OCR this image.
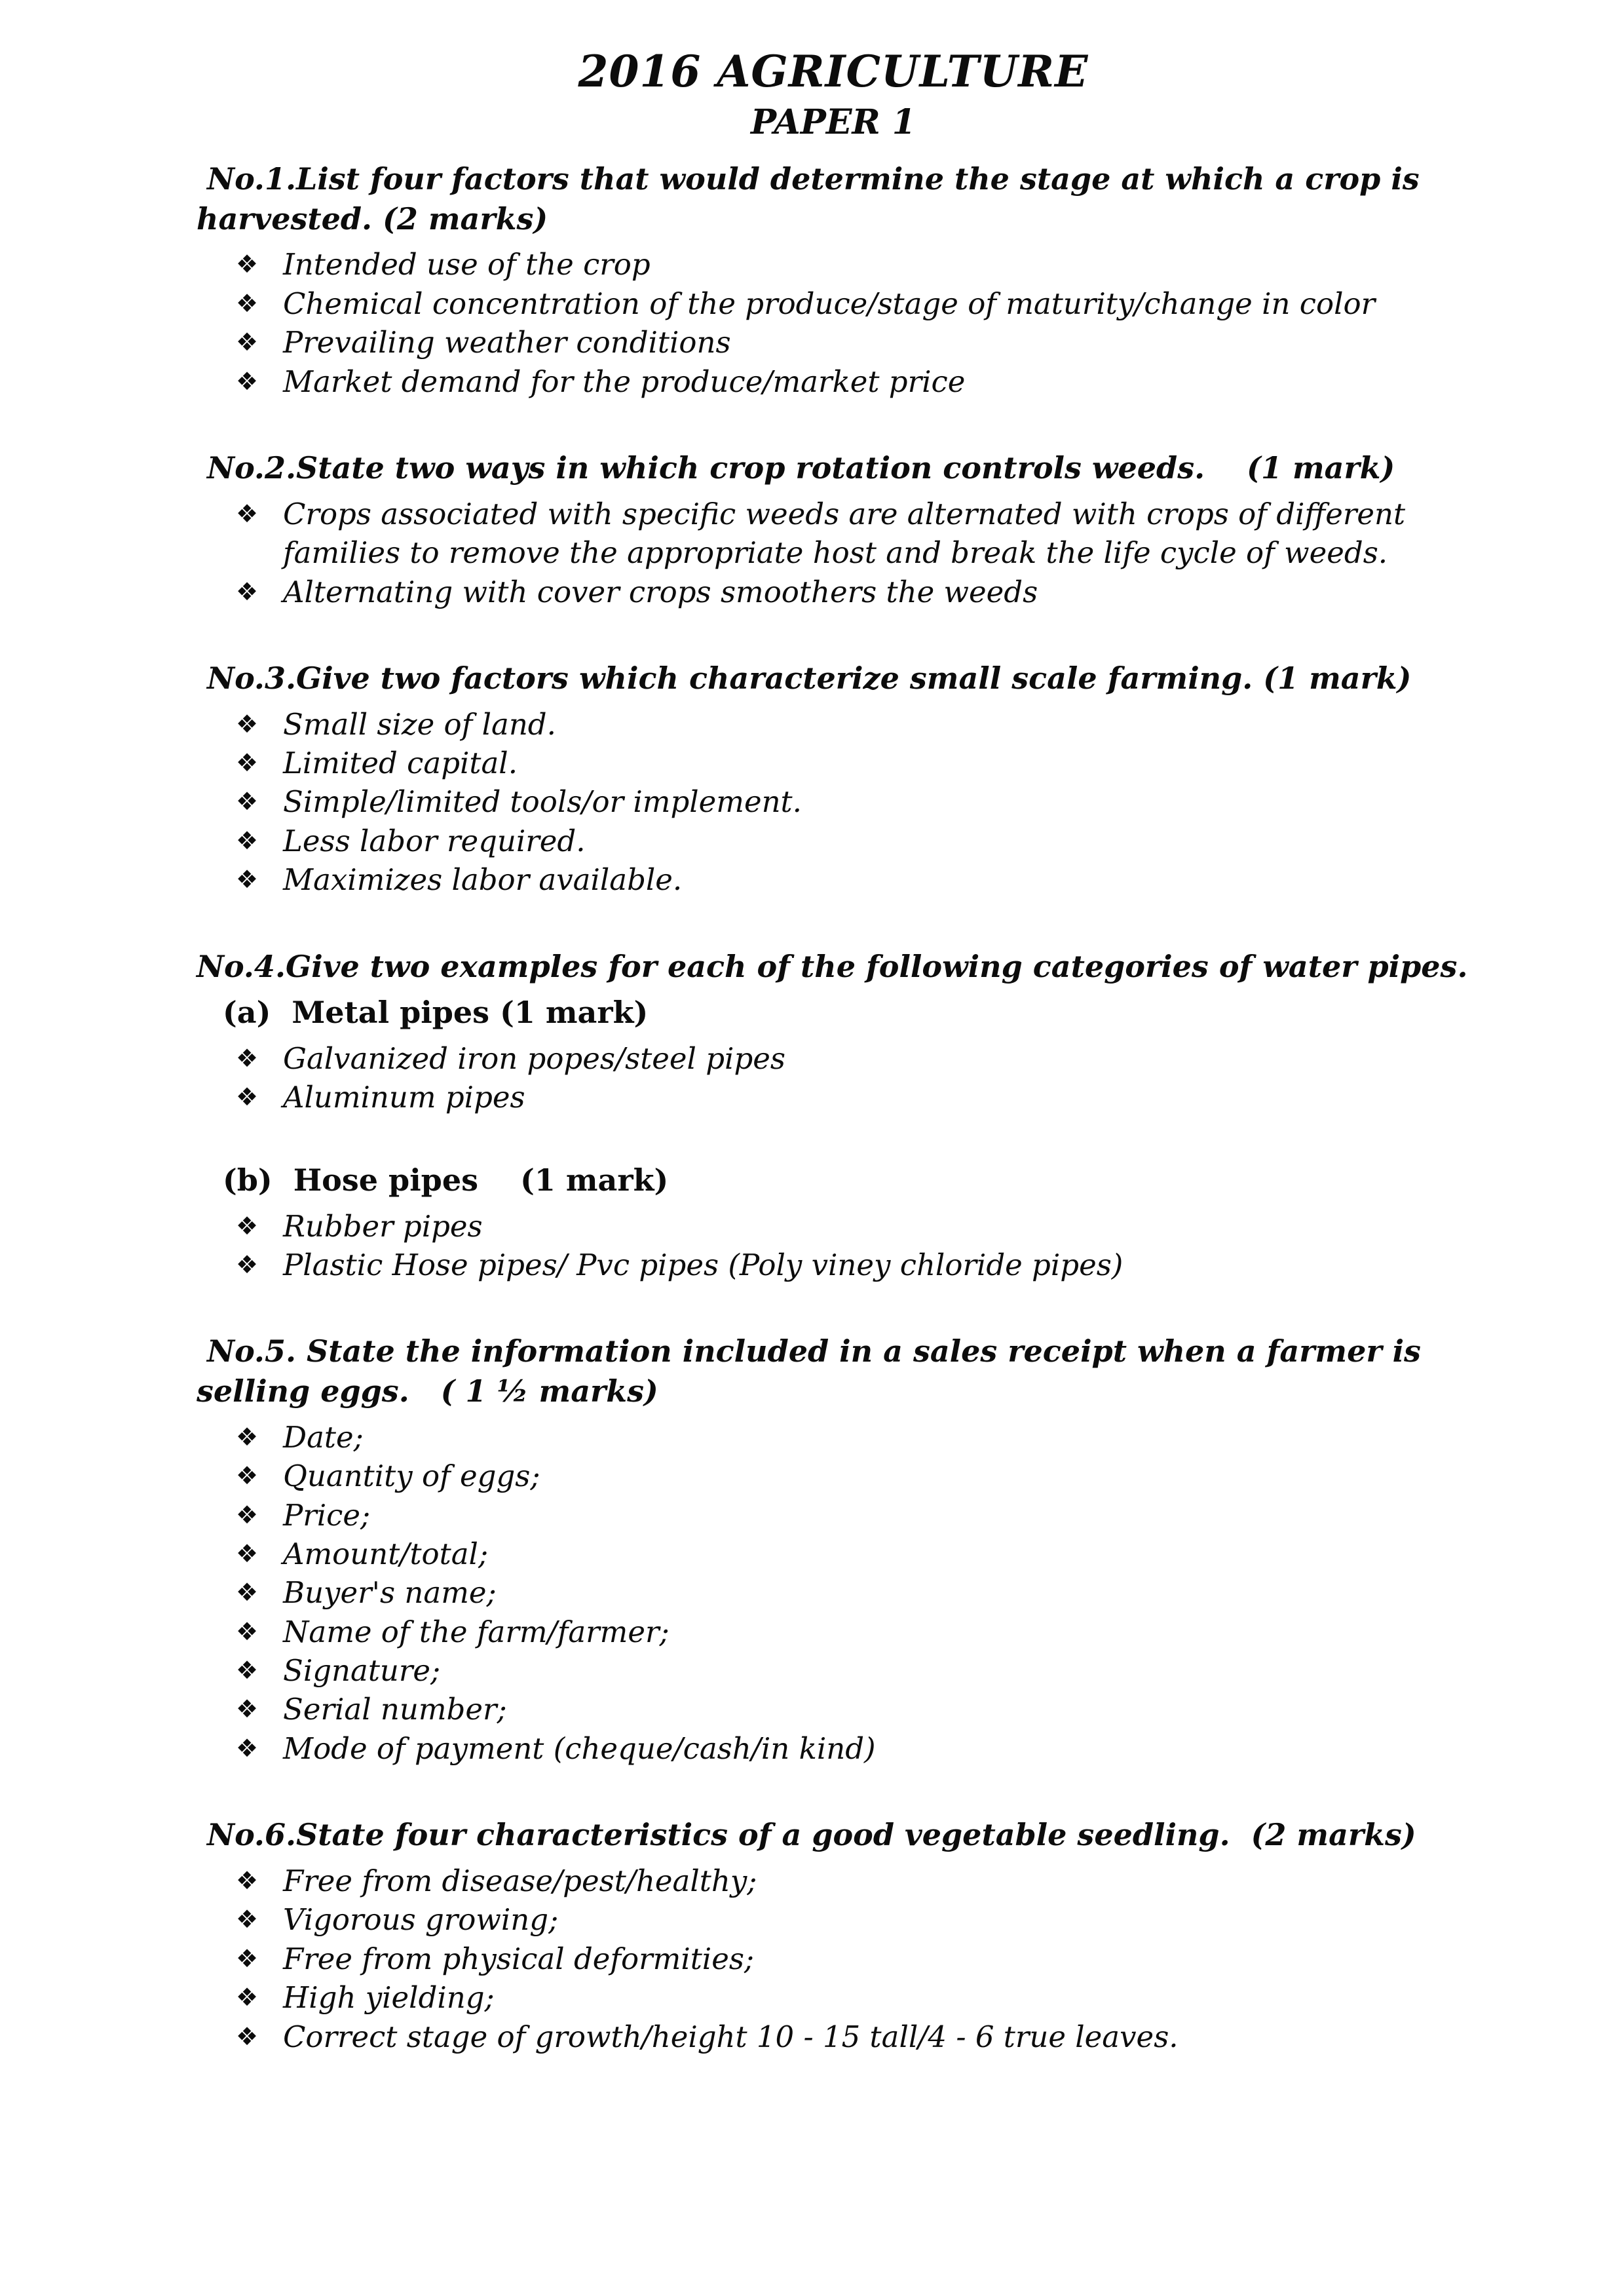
2016 AGRICULTURE
PAPER 1

No.1.List four factors that would determine the stage at which a crop is harvested. (2 marks)

❖ Intended use of the crop
❖ Chemical concentration of the produce/stage of maturity/change in color
❖ Prevailing weather conditions
❖ Market demand for the produce/market price

No.2.State two ways in which crop rotation controls weeds.    (1 mark)

❖ Crops associated with specific weeds are alternated with crops of different families to remove the appropriate host and break the life cycle of weeds.
❖ Alternating with cover crops smoothers the weeds

No.3.Give two factors which characterize small scale farming. (1 mark)

❖ Small size of land.
❖ Limited capital.
❖ Simple/limited tools/or implement.
❖ Less labor required.
❖ Maximizes labor available.

No.4.Give two examples for each of the following categories of water pipes.

(a)  Metal pipes (1 mark)

❖ Galvanized iron popes/steel pipes
❖ Aluminum pipes

(b)  Hose pipes    (1 mark)

❖ Rubber pipes
❖ Plastic Hose pipes/ Pvc pipes (Poly viney chloride pipes)

No.5. State the information included in a sales receipt when a farmer is selling eggs.   ( 1 ½ marks)

❖ Date;
❖ Quantity of eggs;
❖ Price;
❖ Amount/total;
❖ Buyer's name;
❖ Name of the farm/farmer;
❖ Signature;
❖ Serial number;
❖ Mode of payment (cheque/cash/in kind)

No.6.State four characteristics of a good vegetable seedling.  (2 marks)

❖ Free from disease/pest/healthy;
❖ Vigorous growing;
❖ Free from physical deformities;
❖ High yielding;
❖ Correct stage of growth/height 10 - 15 tall/4 - 6 true leaves.
